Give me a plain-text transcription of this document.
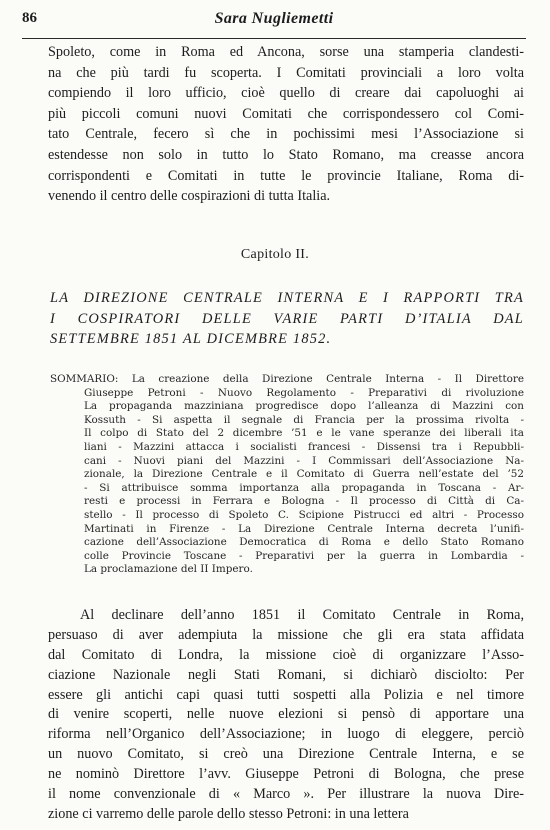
86	Sara Nugliemetti
Spoleto, come in Roma ed Ancona, sorse una stamperia clandesti-
na che più tardi fu scoperta. I Comitati provinciali a loro volta
compiendo il loro ufficio, cioè quello di creare dai capoluoghi ai
più piccoli comuni nuovi Comitati che corrispondessero col Comi-
tato Centrale, fecero sì che in pochissimi mesi l’Associazione si
estendesse non solo in tutto lo Stato Romano, ma creasse ancora
corrispondenti e Comitati in tutte le provincie Italiane, Roma di-
venendo il centro delle cospirazioni di tutta Italia.
Capitolo II.
LA DIREZIONE CENTRALE INTERNA E I RAPPORTI TRA
I COSPIRATORI DELLE VARIE PARTI D’ITALIA DAL
SETTEMBRE 1851 AL DICEMBRE 1852.
SOMMARIO: La creazione della Direzione Centrale Interna - Il Direttore
Giuseppe Petroni - Nuovo Regolamento - Preparativi di rivoluzione
La propaganda mazziniana progredisce dopo l’alleanza di Mazzini con
Kossuth - Si aspetta il segnale di Francia per la prossima rivolta -
Il colpo di Stato del 2 dicembre ’51 e le vane speranze dei liberali ita
liani - Mazzini attacca i socialisti francesi - Dissensi tra i Repubbli-
cani - Nuovi piani del Mazzini - I Commissari dell’Associazione Na-
zionale, la Direzione Centrale e il Comitato di Guerra nell’estate del ’52
- Si attribuisce somma importanza alla propaganda in Toscana - Ar-
resti e processi in Ferrara e Bologna - Il processo di Città di Ca-
stello - Il processo di Spoleto C. Scipione Pistrucci ed altri - Processo
Martinati in Firenze - La Direzione Centrale Interna decreta l’unifi-
cazione dell’Associazione Democratica di Roma e dello Stato Romano
colle Provincie Toscane - Preparativi per la guerra in Lombardia -
La proclamazione del II Impero.
Al declinare dell’anno 1851 il Comitato Centrale in Roma,
persuaso di aver adempiuta la missione che gli era stata affidata
dal Comitato di Londra, la missione cioè di organizzare l’Asso-
ciazione Nazionale negli Stati Romani, si dichiarò disciolto: Per
essere gli antichi capi quasi tutti sospetti alla Polizia e nel timore
di venire scoperti, nelle nuove elezioni si pensò di apportare una
riforma nell’Organico dell’Associazione; in luogo di eleggere, perciò
un nuovo Comitato, si creò una Direzione Centrale Interna, e se
ne nominò Direttore l’avv. Giuseppe Petroni di Bologna, che prese
il nome convenzionale di « Marco ». Per illustrare la nuova Dire-
zione ci varremo delle parole dello stesso Petroni: in una lettera
